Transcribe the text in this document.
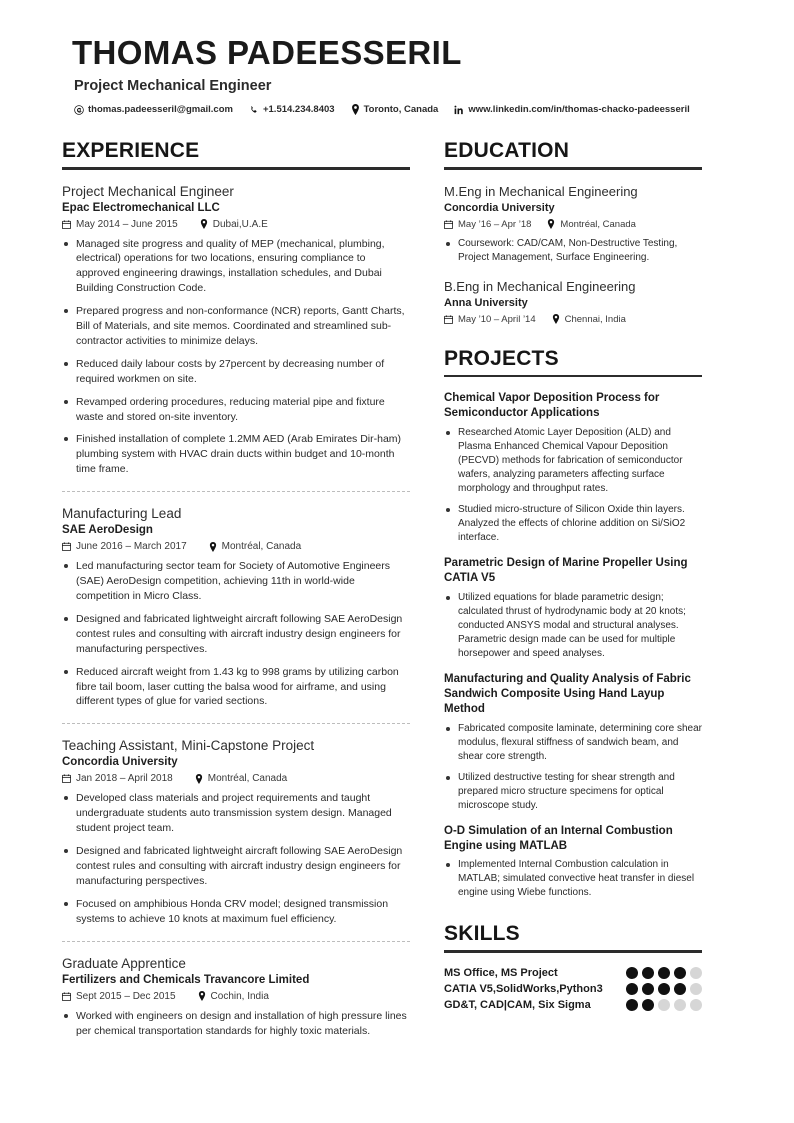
THOMAS PADEESSERIL
Project Mechanical Engineer
thomas.padeesseril@gmail.com	+1.514.234.8403	Toronto, Canada	www.linkedin.com/in/thomas-chacko-padeesseril
EXPERIENCE
Project Mechanical Engineer
Epac Electromechanical LLC
May 2014 – June 2015	Dubai,U.A.E
Managed site progress and quality of MEP (mechanical, plumbing, electrical) operations for two locations, ensuring compliance to approved engineering drawings, installation schedules, and Dubai Building Construction Code.
Prepared progress and non-conformance (NCR) reports, Gantt Charts, Bill of Materials, and site memos. Coordinated and streamlined sub-contractor activities to minimize delays.
Reduced daily labour costs by 27percent by decreasing number of required workmen on site.
Revamped ordering procedures, reducing material pipe and fixture waste and stored on-site inventory.
Finished installation of complete 1.2MM AED (Arab Emirates Dir-ham) plumbing system with HVAC drain ducts within budget and 10-month time frame.
Manufacturing Lead
SAE AeroDesign
June 2016 – March 2017	Montréal, Canada
Led manufacturing sector team for Society of Automotive Engineers (SAE) AeroDesign competition, achieving 11th in world-wide competition in Micro Class.
Designed and fabricated lightweight aircraft following SAE AeroDesign contest rules and consulting with aircraft industry design engineers for manufacturing perspectives.
Reduced aircraft weight from 1.43 kg to 998 grams by utilizing carbon fibre tail boom, laser cutting the balsa wood for airframe, and using different types of glue for varied sections.
Teaching Assistant, Mini-Capstone Project
Concordia University
Jan 2018 – April 2018	Montréal, Canada
Developed class materials and project requirements and taught undergraduate students auto transmission system design. Managed student project team.
Designed and fabricated lightweight aircraft following SAE AeroDesign contest rules and consulting with aircraft industry design engineers for manufacturing perspectives.
Focused on amphibious Honda CRV model; designed transmission systems to achieve 10 knots at maximum fuel efficiency.
Graduate Apprentice
Fertilizers and Chemicals Travancore Limited
Sept 2015 – Dec 2015	Cochin, India
Worked with engineers on design and installation of high pressure lines per chemical transportation standards for highly toxic materials.
EDUCATION
M.Eng in Mechanical Engineering
Concordia University
May ’16 – Apr ’18	Montréal, Canada
Coursework: CAD/CAM, Non-Destructive Testing, Project Management, Surface Engineering.
B.Eng in Mechanical Engineering
Anna University
May ’10 – April ’14	Chennai, India
PROJECTS
Chemical Vapor Deposition Process for Semiconductor Applications
Researched Atomic Layer Deposition (ALD) and Plasma Enhanced Chemical Vapour Deposition (PECVD) methods for fabrication of semiconductor wafers, analyzing parameters affecting surface morphology and throughput rates.
Studied micro-structure of Silicon Oxide thin layers. Analyzed the effects of chlorine addition on Si/SiO2 interface.
Parametric Design of Marine Propeller Using CATIA V5
Utilized equations for blade parametric design; calculated thrust of hydrodynamic body at 20 knots; conducted ANSYS modal and structural analyses. Parametric design made can be used for multiple horsepower and speed analyses.
Manufacturing and Quality Analysis of Fabric Sandwich Composite Using Hand Layup Method
Fabricated composite laminate, determining core shear modulus, flexural stiffness of sandwich beam, and shear core strength.
Utilized destructive testing for shear strength and prepared micro structure specimens for optical microscope study.
O-D Simulation of an Internal Combustion Engine using MATLAB
Implemented Internal Combustion calculation in MATLAB; simulated convective heat transfer in diesel engine using Wiebe functions.
SKILLS
MS Office, MS Project
CATIA V5,SolidWorks,Python3
GD&T, CAD|CAM, Six Sigma
